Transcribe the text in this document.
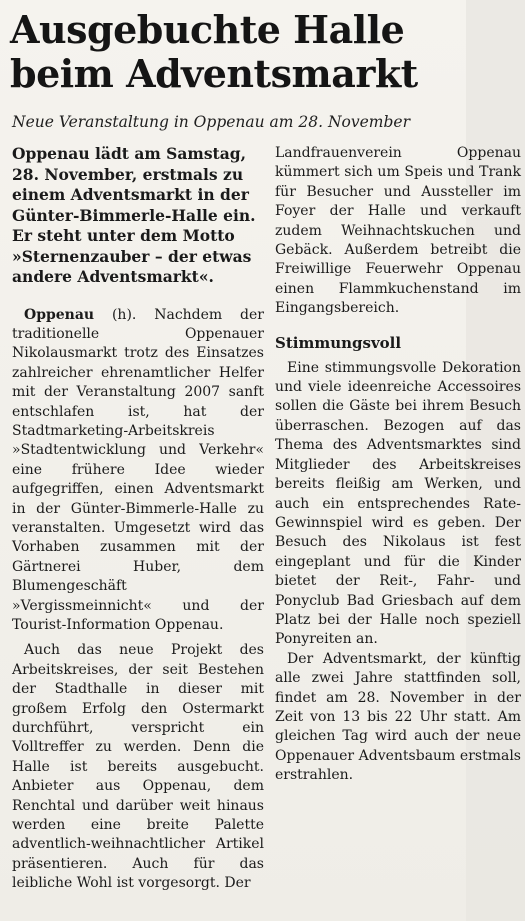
Ausgebuchte Halle beim Adventsmarkt
Neue Veranstaltung in Oppenau am 28. November

Oppenau lädt am Samstag, 28. November, erstmals zu einem Adventsmarkt in der Günter-Bimmerle-Halle ein. Er steht unter dem Motto »Sternenzauber – der etwas andere Adventsmarkt«.

Oppenau (h). Nachdem der traditionelle Oppenauer Nikolausmarkt trotz des Einsatzes zahlreicher ehrenamtlicher Helfer mit der Veranstaltung 2007 sanft entschlafen ist, hat der Stadtmarketing-Arbeitskreis »Stadtentwicklung und Verkehr« eine frühere Idee wieder aufgegriffen, einen Adventsmarkt in der Günter-Bimmerle-Halle zu veranstalten. Umgesetzt wird das Vorhaben zusammen mit der Gärtnerei Huber, dem Blumengeschäft »Vergissmeinnicht« und der Tourist-Information Oppenau.

Auch das neue Projekt des Arbeitskreises, der seit Bestehen der Stadthalle in dieser mit großem Erfolg den Ostermarkt durchführt, verspricht ein Volltreffer zu werden. Denn die Halle ist bereits ausgebucht. Anbieter aus Oppenau, dem Renchtal und darüber weit hinaus werden eine breite Palette adventlich-weihnachtlicher Artikel präsentieren. Auch für das leibliche Wohl ist vorgesorgt. Der

Landfrauenverein Oppenau kümmert sich um Speis und Trank für Besucher und Aussteller im Foyer der Halle und verkauft zudem Weihnachtskuchen und Gebäck. Außerdem betreibt die Freiwillige Feuerwehr Oppenau einen Flammkuchenstand im Eingangsbereich.

Stimmungsvoll

Eine stimmungsvolle Dekoration und viele ideenreiche Accessoires sollen die Gäste bei ihrem Besuch überraschen. Bezogen auf das Thema des Adventsmarktes sind Mitglieder des Arbeitskreises bereits fleißig am Werken, und auch ein entsprechendes Rate-Gewinnspiel wird es geben. Der Besuch des Nikolaus ist fest eingeplant und für die Kinder bietet der Reit-, Fahr- und Ponyclub Bad Griesbach auf dem Platz bei der Halle noch speziell Ponyreiten an.

Der Adventsmarkt, der künftig alle zwei Jahre stattfinden soll, findet am 28. November in der Zeit von 13 bis 22 Uhr statt. Am gleichen Tag wird auch der neue Oppenauer Adventsbaum erstmals erstrahlen.
